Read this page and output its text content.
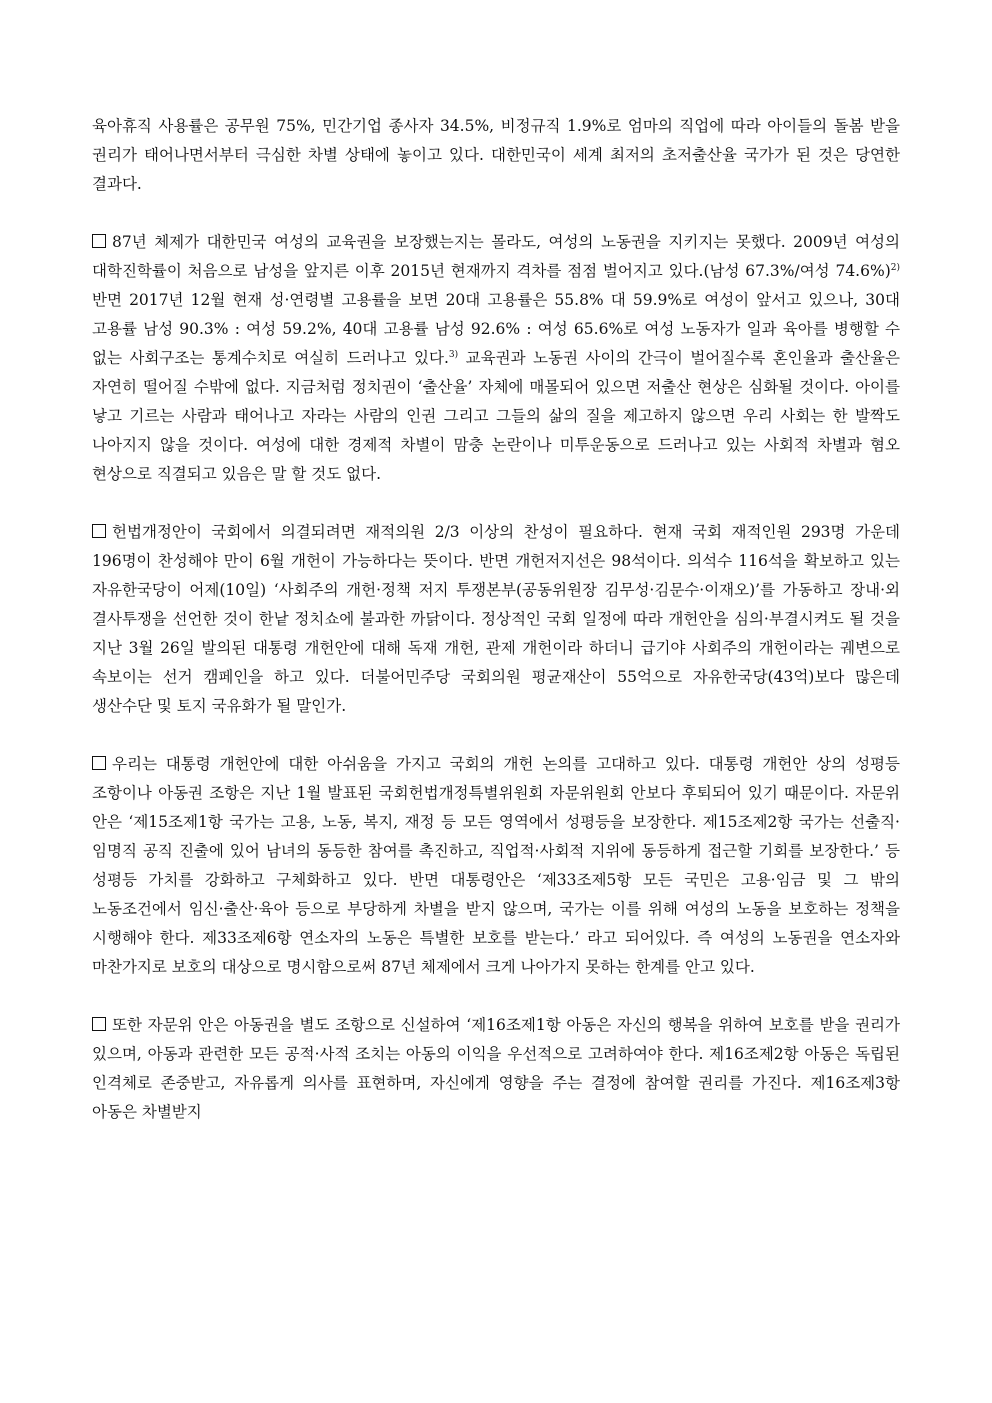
육아휴직 사용률은 공무원 75%, 민간기업 종사자 34.5%, 비정규직 1.9%로 엄마의 직업에 따라 아이들의 돌봄 받을 권리가 태어나면서부터 극심한 차별 상태에 놓이고 있다. 대한민국이 세계 최저의 초저출산율 국가가 된 것은 당연한 결과다.

87년 체제가 대한민국 여성의 교육권을 보장했는지는 몰라도, 여성의 노동권을 지키지는 못했다. 2009년 여성의 대학진학률이 처음으로 남성을 앞지른 이후 2015년 현재까지 격차를 점점 벌어지고 있다.(남성 67.3%/여성 74.6%)$^{2)}$ 반면 2017년 12월 현재 성·연령별 고용률을 보면 20대 고용률은 55.8% 대 59.9%로 여성이 앞서고 있으나, 30대 고용률 남성 90.3% : 여성 59.2%, 40대 고용률 남성 92.6% : 여성 65.6%로 여성 노동자가 일과 육아를 병행할 수 없는 사회구조는 통계수치로 여실히 드러나고 있다.$^{3)}$ 교육권과 노동권 사이의 간극이 벌어질수록 혼인율과 출산율은 자연히 떨어질 수밖에 없다. 지금처럼 정치권이 ‘출산율’ 자체에 매몰되어 있으면 저출산 현상은 심화될 것이다. 아이를 낳고 기르는 사람과 태어나고 자라는 사람의 인권 그리고 그들의 삶의 질을 제고하지 않으면 우리 사회는 한 발짝도 나아지지 않을 것이다. 여성에 대한 경제적 차별이 맘충 논란이나 미투운동으로 드러나고 있는 사회적 차별과 혐오 현상으로 직결되고 있음은 말 할 것도 없다.

헌법개정안이 국회에서 의결되려면 재적의원 2/3 이상의 찬성이 필요하다. 현재 국회 재적인원 293명 가운데 196명이 찬성해야 만이 6월 개헌이 가능하다는 뜻이다. 반면 개헌저지선은 98석이다. 의석수 116석을 확보하고 있는 자유한국당이 어제(10일) ‘사회주의 개헌·정책 저지 투쟁본부(공동위원장 김무성·김문수·이재오)’를 가동하고 장내·외 결사투쟁을 선언한 것이 한낱 정치쇼에 불과한 까닭이다. 정상적인 국회 일정에 따라 개헌안을 심의·부결시켜도 될 것을 지난 3월 26일 발의된 대통령 개헌안에 대해 독재 개헌, 관제 개헌이라 하더니 급기야 사회주의 개헌이라는 궤변으로 속보이는 선거 캠페인을 하고 있다. 더불어민주당 국회의원 평균재산이 55억으로 자유한국당(43억)보다 많은데 생산수단 및 토지 국유화가 될 말인가.

우리는 대통령 개헌안에 대한 아쉬움을 가지고 국회의 개헌 논의를 고대하고 있다. 대통령 개헌안 상의 성평등 조항이나 아동권 조항은 지난 1월 발표된 국회헌법개정특별위원회 자문위원회 안보다 후퇴되어 있기 때문이다. 자문위 안은 ‘제15조제1항 국가는 고용, 노동, 복지, 재정 등 모든 영역에서 성평등을 보장한다. 제15조제2항 국가는 선출직·임명직 공직 진출에 있어 남녀의 동등한 참여를 촉진하고, 직업적·사회적 지위에 동등하게 접근할 기회를 보장한다.’ 등 성평등 가치를 강화하고 구체화하고 있다. 반면 대통령안은 ‘제33조제5항 모든 국민은 고용·임금 및 그 밖의 노동조건에서 임신·출산·육아 등으로 부당하게 차별을 받지 않으며, 국가는 이를 위해 여성의 노동을 보호하는 정책을 시행해야 한다. 제33조제6항 연소자의 노동은 특별한 보호를 받는다.’ 라고 되어있다. 즉 여성의 노동권을 연소자와 마찬가지로 보호의 대상으로 명시함으로써 87년 체제에서 크게 나아가지 못하는 한계를 안고 있다.

또한 자문위 안은 아동권을 별도 조항으로 신설하여 ‘제16조제1항 아동은 자신의 행복을 위하여 보호를 받을 권리가 있으며, 아동과 관련한 모든 공적·사적 조치는 아동의 이익을 우선적으로 고려하여야 한다. 제16조제2항 아동은 독립된 인격체로 존중받고, 자유롭게 의사를 표현하며, 자신에게 영향을 주는 결정에 참여할 권리를 가진다. 제16조제3항 아동은 차별받지
